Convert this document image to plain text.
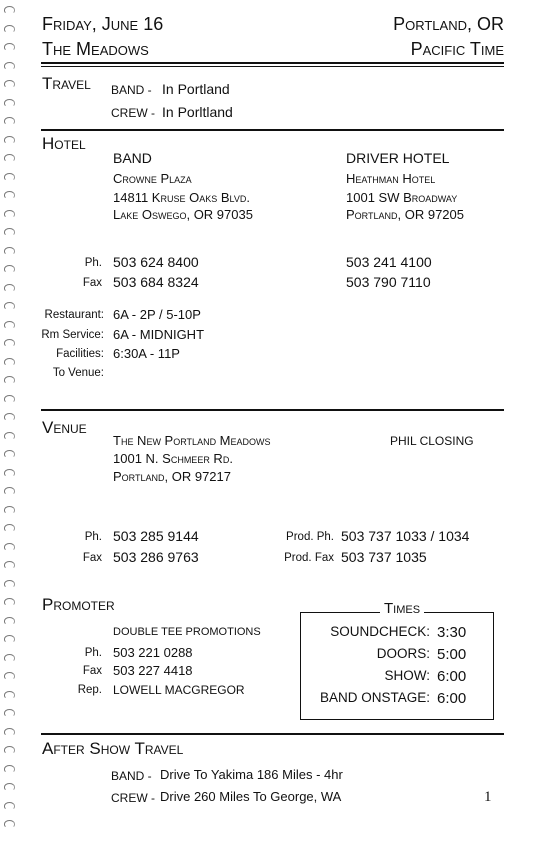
Friday, June 16
The Meadows
Portland, OR
Pacific Time
Travel BAND - In Portland
CREW - In Porltland
Hotel
BAND
Crowne Plaza
14811 Kruse Oaks Blvd.
Lake Oswego, OR 97035
DRIVER HOTEL
Heathman Hotel
1001 SW Broadway
Portland, OR 97205
Ph. 503 624 8400	503 241 4100
Fax 503 684 8324	503 790 7110
Restaurant: 6A - 2P / 5-10P
Rm Service: 6A - MIDNIGHT
Facilities: 6:30A - 11P
To Venue:
Venue
The New Portland Meadows
1001 N. Schmeer Rd.
Portland, OR 97217
PHIL CLOSING
Ph. 503 285 9144
Fax 503 286 9763
Prod. Ph. 503 737 1033 / 1034
Prod. Fax 503 737 1035
Promoter
DOUBLE TEE PROMOTIONS
Ph. 503 221 0288
Fax 503 227 4418
Rep. LOWELL MACGREGOR
Times
SOUNDCHECK: 3:30
DOORS: 5:00
SHOW: 6:00
BAND ONSTAGE: 6:00
After Show Travel
BAND - Drive To Yakima 186 Miles - 4hr
CREW - Drive 260 Miles To George, WA	1
